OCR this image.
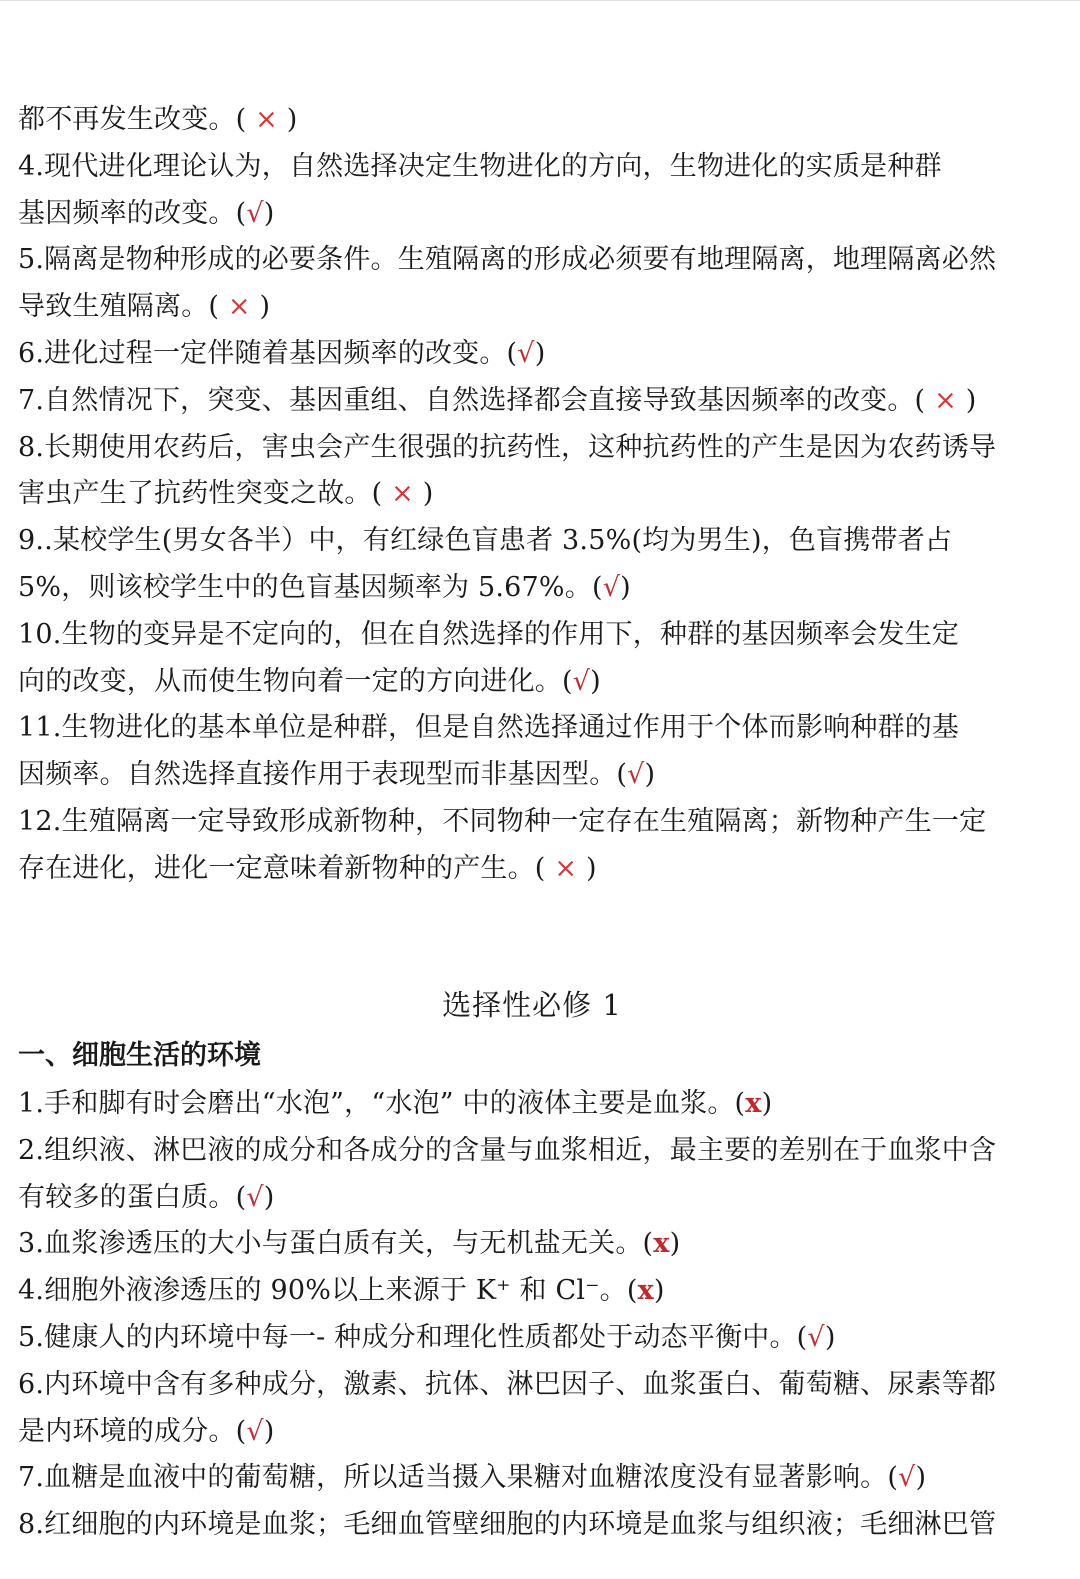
都不再发生改变。( × )
4.现代进化理论认为，自然选择决定生物进化的方向，生物进化的实质是种群
基因频率的改变。(√)
5.隔离是物种形成的必要条件。生殖隔离的形成必须要有地理隔离，地理隔离必然
导致生殖隔离。( × )
6.进化过程一定伴随着基因频率的改变。(√)
7.自然情况下，突变、基因重组、自然选择都会直接导致基因频率的改变。( × )
8.长期使用农药后，害虫会产生很强的抗药性，这种抗药性的产生是因为农药诱导
害虫产生了抗药性突变之故。( × )
9..某校学生(男女各半）中，有红绿色盲患者 3.5%(均为男生)，色盲携带者占
5%，则该校学生中的色盲基因频率为 5.67%。(√)
10.生物的变异是不定向的，但在自然选择的作用下，种群的基因频率会发生定
向的改变，从而使生物向着一定的方向进化。(√)
11.生物进化的基本单位是种群，但是自然选择通过作用于个体而影响种群的基
因频率。自然选择直接作用于表现型而非基因型。(√)
12.生殖隔离一定导致形成新物种，不同物种一定存在生殖隔离；新物种产生一定
存在进化，进化一定意味着新物种的产生。( × )
选择性必修 1
一、细胞生活的环境
1.手和脚有时会磨出“水泡”，“水泡” 中的液体主要是血浆。(x)
2.组织液、淋巴液的成分和各成分的含量与血浆相近，最主要的差别在于血浆中含
有较多的蛋白质。(√)
3.血浆渗透压的大小与蛋白质有关，与无机盐无关。(x)
4.细胞外液渗透压的 90%以上来源于 K⁺ 和 Cl⁻。(x)
5.健康人的内环境中每一- 种成分和理化性质都处于动态平衡中。(√)
6.内环境中含有多种成分，激素、抗体、淋巴因子、血浆蛋白、葡萄糖、尿素等都
是内环境的成分。(√)
7.血糖是血液中的葡萄糖，所以适当摄入果糖对血糖浓度没有显著影响。(√)
8.红细胞的内环境是血浆；毛细血管壁细胞的内环境是血浆与组织液；毛细淋巴管
